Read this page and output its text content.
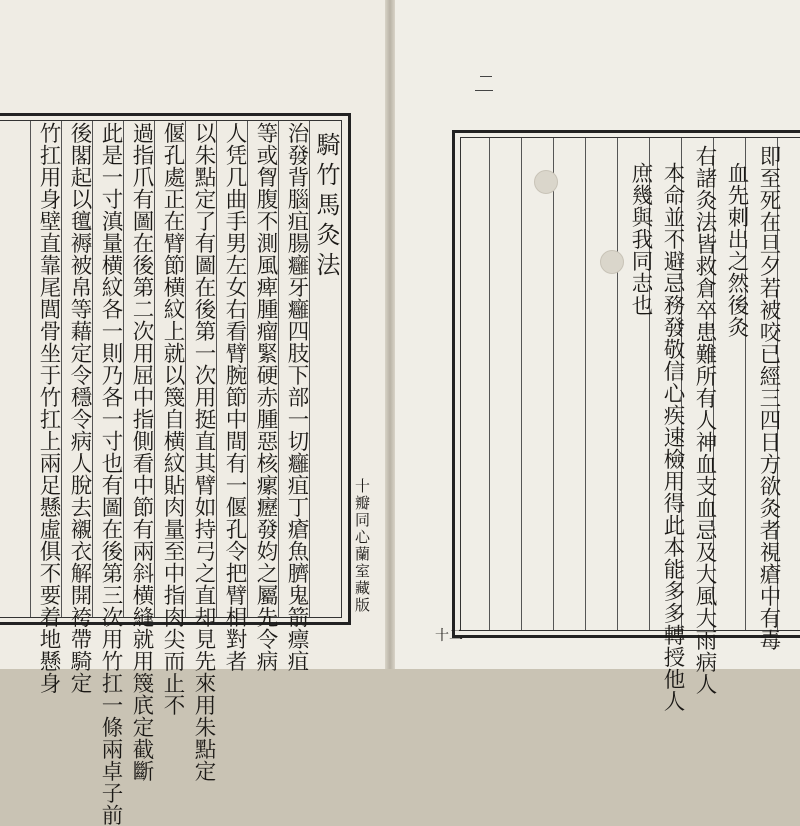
騎竹馬灸法
治發背腦疽腸癰牙癰四肢下部一切癰疽丁瘡魚臍鬼箭瘭疽
等或胷腹不測風痺腫瘤緊硬赤腫惡核瘰癧發㚬之屬先令病
人凭几曲手男左女右看臂腕節中間有一偃孔令把臂相對者
以朱點定了有圖在後第一次用挺直其臂如持弓之直却見先來用朱點定
偃孔處正在臂節横紋上就以篾自横紋貼肉量至中指肉尖而止不
過指爪有圖在後第二次用屈中指側看中節有兩斜横縫就用篾㡳定截斷
此是一寸滇量横紋各一則乃各一寸也有圖在後第三次用竹扛一條兩卓子前
後閣起以氊褥被帛等藉定令穩令病人脫去襯衣解開袴帶騎定
竹扛用身壁直靠尾閭骨坐于竹扛上兩足懸虛俱不要着地懸身	十瓣同心蘭室藏版	即至死在旦夕若被咬已經三四日方欲灸者視瘡中有毒
血先刺出之然後灸
右諸灸法皆救倉卒患難所有人神血支血忌及大風大雨病人
本命並不避忌務發敬信心疾速檢用得此本能多多轉授他人
庶幾與我同志也
十二
